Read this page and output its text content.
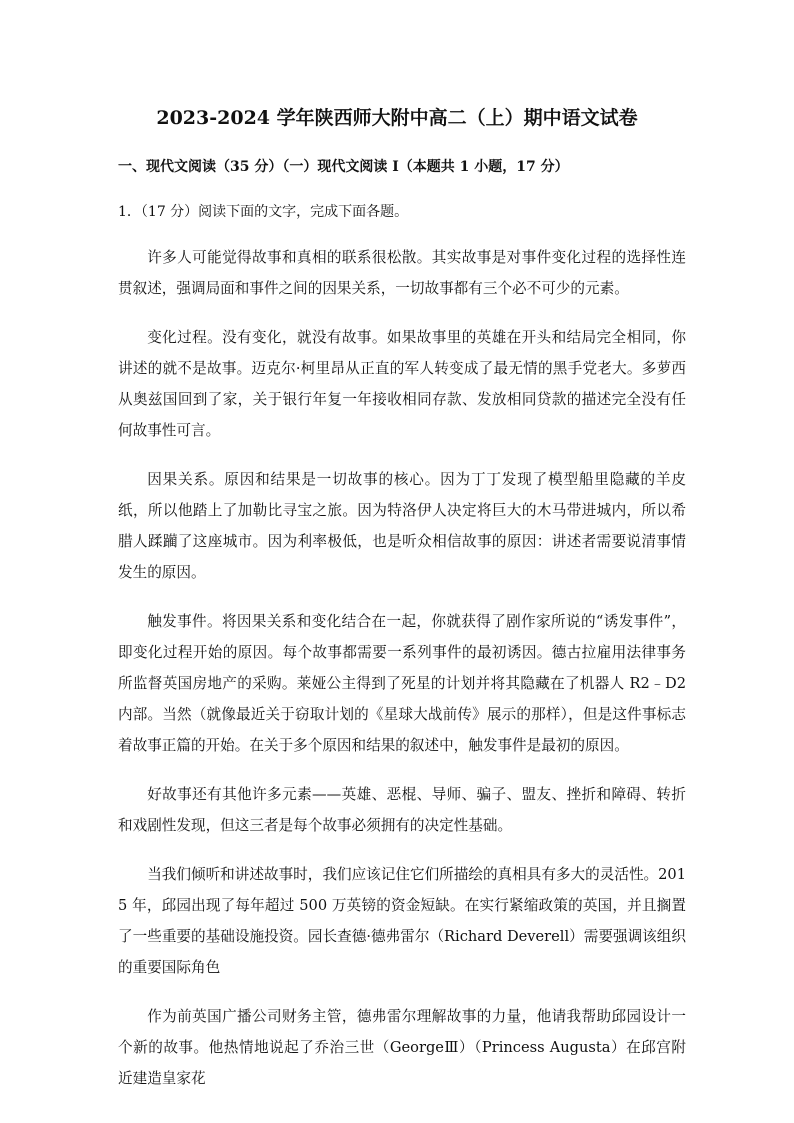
2023-2024 学年陕西师大附中高二（上）期中语文试卷
一、现代文阅读（35 分）（一）现代文阅读 I（本题共 1 小题，17 分）
1．（17 分）阅读下面的文字，完成下面各题。

许多人可能觉得故事和真相的联系很松散。其实故事是对事件变化过程的选择性连贯叙述，强调局面和事件之间的因果关系，一切故事都有三个必不可少的元素。

变化过程。没有变化，就没有故事。如果故事里的英雄在开头和结局完全相同，你讲述的就不是故事。迈克尔·柯里昂从正直的军人转变成了最无情的黑手党老大。多萝西从奥兹国回到了家，关于银行年复一年接收相同存款、发放相同贷款的描述完全没有任何故事性可言。

因果关系。原因和结果是一切故事的核心。因为丁丁发现了模型船里隐藏的羊皮纸，所以他踏上了加勒比寻宝之旅。因为特洛伊人决定将巨大的木马带进城内，所以希腊人蹂躏了这座城市。因为利率极低，也是听众相信故事的原因：讲述者需要说清事情发生的原因。

触发事件。将因果关系和变化结合在一起，你就获得了剧作家所说的“诱发事件”，即变化过程开始的原因。每个故事都需要一系列事件的最初诱因。德古拉雇用法律事务所监督英国房地产的采购。莱娅公主得到了死星的计划并将其隐藏在了机器人 R2﹣D2 内部。当然（就像最近关于窃取计划的《星球大战前传》展示的那样），但是这件事标志着故事正篇的开始。在关于多个原因和结果的叙述中，触发事件是最初的原因。

好故事还有其他许多元素——英雄、恶棍、导师、骗子、盟友、挫折和障碍、转折和戏剧性发现，但这三者是每个故事必须拥有的决定性基础。

当我们倾听和讲述故事时，我们应该记住它们所描绘的真相具有多大的灵活性。2015 年，邱园出现了每年超过 500 万英镑的资金短缺。在实行紧缩政策的英国，并且搁置了一些重要的基础设施投资。园长查德·德弗雷尔（Richard Deverell）需要强调该组织的重要国际角色

作为前英国广播公司财务主管，德弗雷尔理解故事的力量，他请我帮助邱园设计一个新的故事。他热情地说起了乔治三世（GeorgeⅢ）（Princess Augusta）在邱宫附近建造皇家花
